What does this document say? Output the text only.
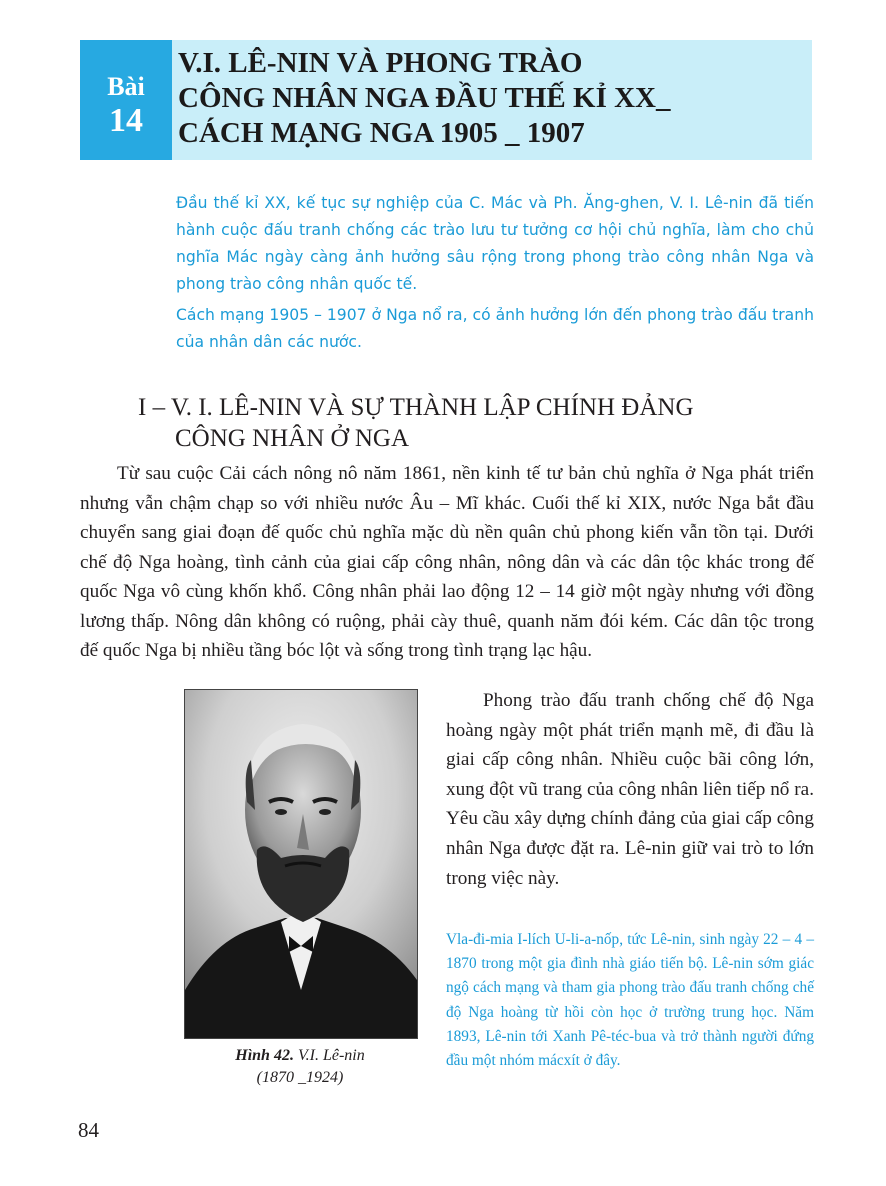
Bài
14
V.I. LÊ-NIN VÀ PHONG TRÀO
CÔNG NHÂN NGA ĐẦU THẾ KỈ XX_
CÁCH MẠNG NGA 1905 _ 1907

Đầu thế kỉ XX, kế tục sự nghiệp của C. Mác và Ph. Ăng-ghen, V. I. Lê-nin đã tiến hành cuộc đấu tranh chống các trào lưu tư tưởng cơ hội chủ nghĩa, làm cho chủ nghĩa Mác ngày càng ảnh hưởng sâu rộng trong phong trào công nhân Nga và phong trào công nhân quốc tế.

Cách mạng 1905 – 1907 ở Nga nổ ra, có ảnh hưởng lớn đến phong trào đấu tranh của nhân dân các nước.

I – V. I. LÊ-NIN VÀ SỰ THÀNH LẬP CHÍNH ĐẢNG
CÔNG NHÂN Ở NGA

Từ sau cuộc Cải cách nông nô năm 1861, nền kinh tế tư bản chủ nghĩa ở Nga phát triển nhưng vẫn chậm chạp so với nhiều nước Âu – Mĩ khác. Cuối thế kỉ XIX, nước Nga bắt đầu chuyển sang giai đoạn đế quốc chủ nghĩa mặc dù nền quân chủ phong kiến vẫn tồn tại. Dưới chế độ Nga hoàng, tình cảnh của giai cấp công nhân, nông dân và các dân tộc khác trong đế quốc Nga vô cùng khốn khổ. Công nhân phải lao động 12 – 14 giờ một ngày nhưng với đồng lương thấp. Nông dân không có ruộng, phải cày thuê, quanh năm đói kém. Các dân tộc trong đế quốc Nga bị nhiều tầng bóc lột và sống trong tình trạng lạc hậu.

Hình 42. V.I. Lê-nin
(1870 _1924)

Phong trào đấu tranh chống chế độ Nga hoàng ngày một phát triển mạnh mẽ, đi đầu là giai cấp công nhân. Nhiều cuộc bãi công lớn, xung đột vũ trang của công nhân liên tiếp nổ ra. Yêu cầu xây dựng chính đảng của giai cấp công nhân Nga được đặt ra. Lê-nin giữ vai trò to lớn trong việc này.

Vla-đi-mia I-lích U-li-a-nốp, tức Lê-nin, sinh ngày 22 – 4 – 1870 trong một gia đình nhà giáo tiến bộ. Lê-nin sớm giác ngộ cách mạng và tham gia phong trào đấu tranh chống chế độ Nga hoàng từ hồi còn học ở trường trung học. Năm 1893, Lê-nin tới Xanh Pê-téc-bua và trở thành người đứng đầu một nhóm mácxít ở đây.
84
